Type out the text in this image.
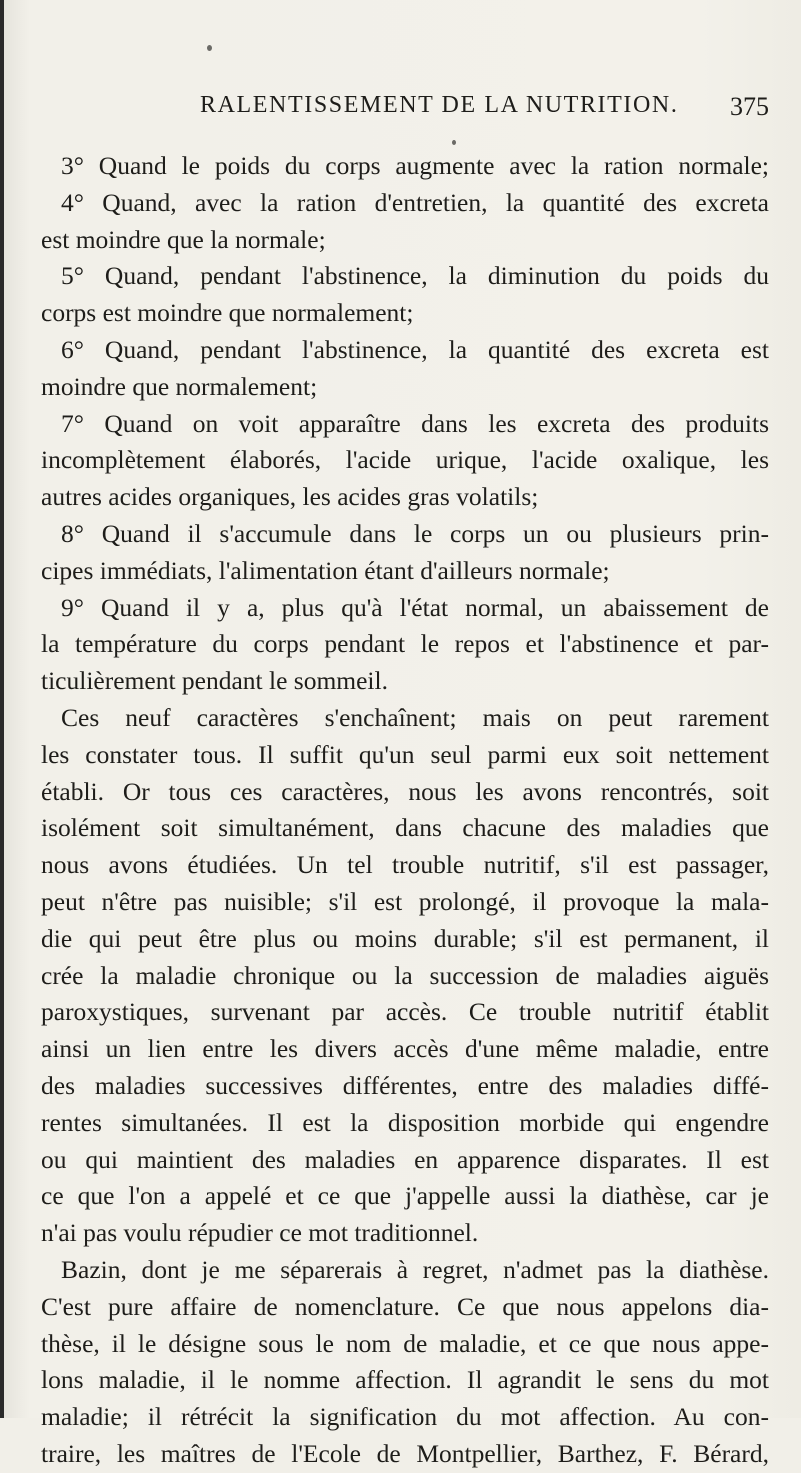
RALENTISSEMENT DE LA NUTRITION. 375
3° Quand le poids du corps augmente avec la ration normale;
4° Quand, avec la ration d'entretien, la quantité des excreta
est moindre que la normale;
5° Quand, pendant l'abstinence, la diminution du poids du
corps est moindre que normalement;
6° Quand, pendant l'abstinence, la quantité des excreta est
moindre que normalement;
7° Quand on voit apparaître dans les excreta des produits
incomplètement élaborés, l'acide urique, l'acide oxalique, les
autres acides organiques, les acides gras volatils;
8° Quand il s'accumule dans le corps un ou plusieurs prin-
cipes immédiats, l'alimentation étant d'ailleurs normale;
9° Quand il y a, plus qu'à l'état normal, un abaissement de
la température du corps pendant le repos et l'abstinence et par-
ticulièrement pendant le sommeil.
Ces neuf caractères s'enchaînent; mais on peut rarement
les constater tous. Il suffit qu'un seul parmi eux soit nettement
établi. Or tous ces caractères, nous les avons rencontrés, soit
isolément soit simultanément, dans chacune des maladies que
nous avons étudiées. Un tel trouble nutritif, s'il est passager,
peut n'être pas nuisible; s'il est prolongé, il provoque la mala-
die qui peut être plus ou moins durable; s'il est permanent, il
crée la maladie chronique ou la succession de maladies aiguës
paroxystiques, survenant par accès. Ce trouble nutritif établit
ainsi un lien entre les divers accès d'une même maladie, entre
des maladies successives différentes, entre des maladies diffé-
rentes simultanées. Il est la disposition morbide qui engendre
ou qui maintient des maladies en apparence disparates. Il est
ce que l'on a appelé et ce que j'appelle aussi la diathèse, car je
n'ai pas voulu répudier ce mot traditionnel.
Bazin, dont je me séparerais à regret, n'admet pas la diathèse.
C'est pure affaire de nomenclature. Ce que nous appelons dia-
thèse, il le désigne sous le nom de maladie, et ce que nous appe-
lons maladie, il le nomme affection. Il agrandit le sens du mot
maladie; il rétrécit la signification du mot affection. Au con-
traire, les maîtres de l'Ecole de Montpellier, Barthez, F. Bérard,
